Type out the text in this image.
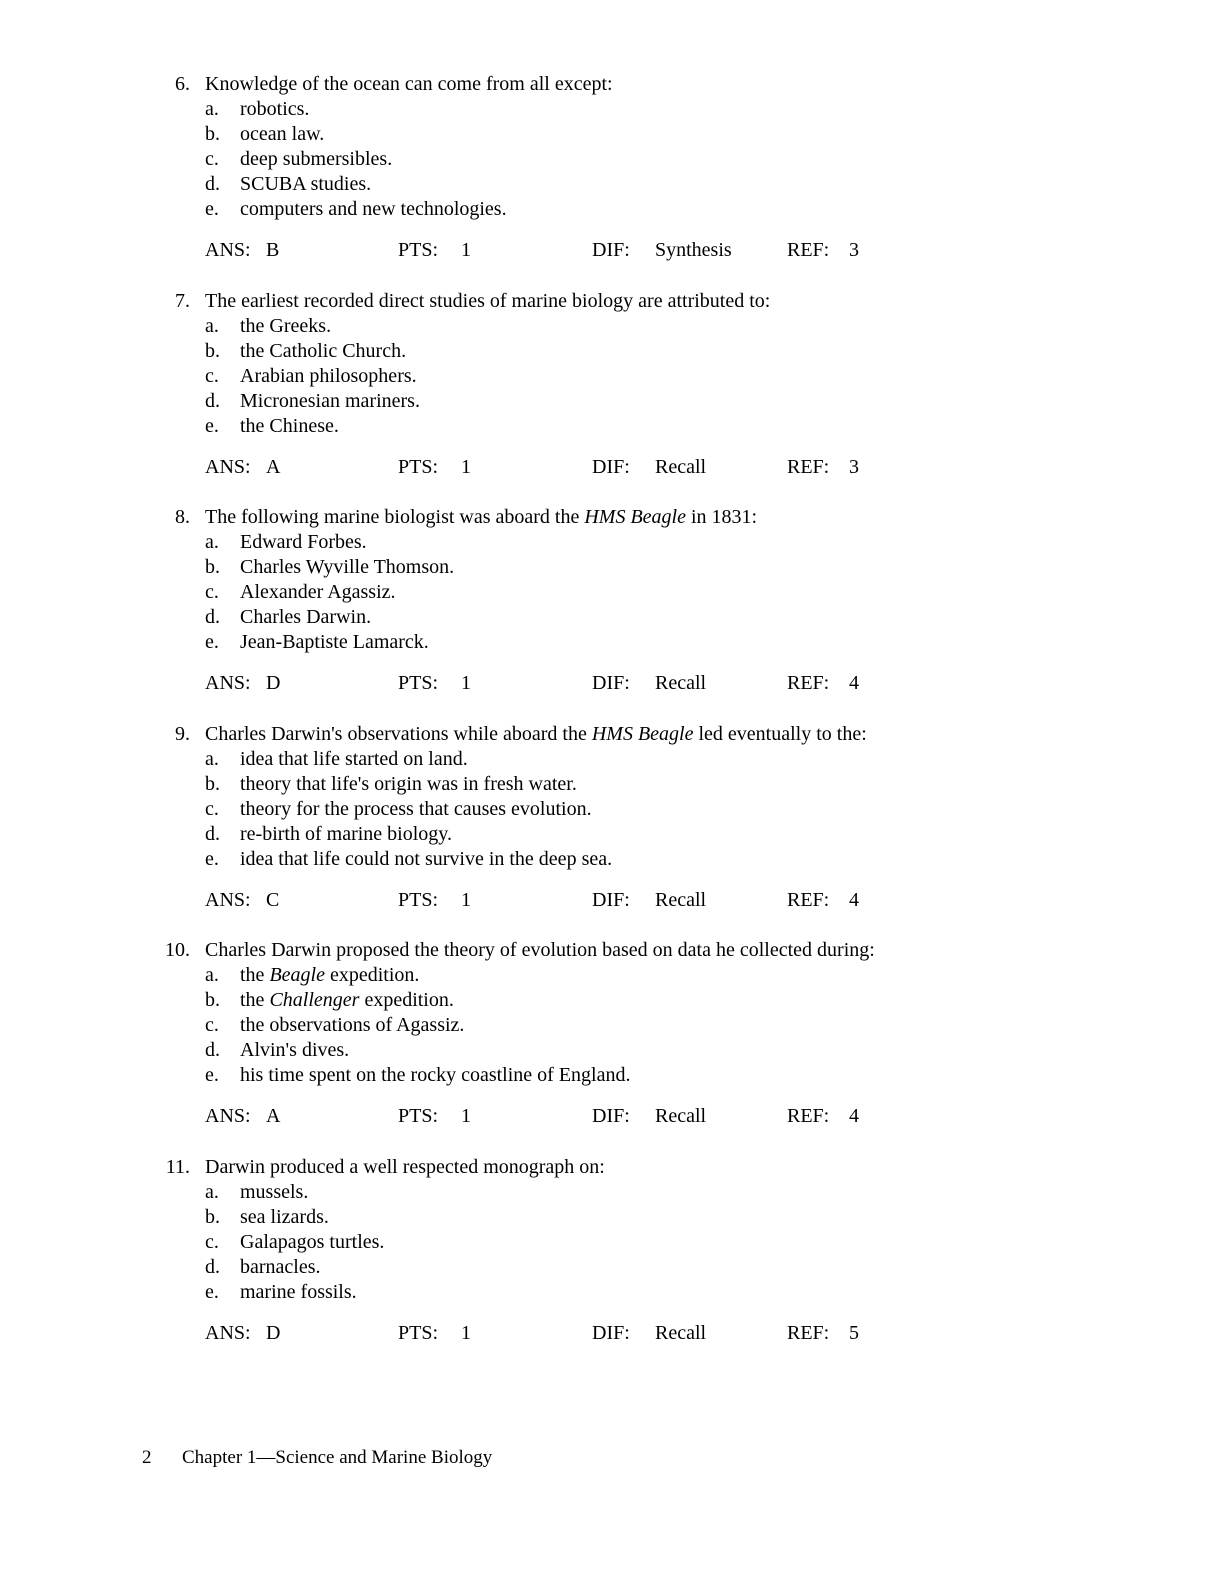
6. Knowledge of the ocean can come from all except:
a. robotics.
b. ocean law.
c. deep submersibles.
d. SCUBA studies.
e. computers and new technologies.
ANS: B	PTS: 1	DIF: Synthesis	REF: 3
7. The earliest recorded direct studies of marine biology are attributed to:
a. the Greeks.
b. the Catholic Church.
c. Arabian philosophers.
d. Micronesian mariners.
e. the Chinese.
ANS: A	PTS: 1	DIF: Recall	REF: 3
8. The following marine biologist was aboard the HMS Beagle in 1831:
a. Edward Forbes.
b. Charles Wyville Thomson.
c. Alexander Agassiz.
d. Charles Darwin.
e. Jean-Baptiste Lamarck.
ANS: D	PTS: 1	DIF: Recall	REF: 4
9. Charles Darwin's observations while aboard the HMS Beagle led eventually to the:
a. idea that life started on land.
b. theory that life's origin was in fresh water.
c. theory for the process that causes evolution.
d. re-birth of marine biology.
e. idea that life could not survive in the deep sea.
ANS: C	PTS: 1	DIF: Recall	REF: 4
10. Charles Darwin proposed the theory of evolution based on data he collected during:
a. the Beagle expedition.
b. the Challenger expedition.
c. the observations of Agassiz.
d. Alvin's dives.
e. his time spent on the rocky coastline of England.
ANS: A	PTS: 1	DIF: Recall	REF: 4
11. Darwin produced a well respected monograph on:
a. mussels.
b. sea lizards.
c. Galapagos turtles.
d. barnacles.
e. marine fossils.
ANS: D	PTS: 1	DIF: Recall	REF: 5
2 Chapter 1—Science and Marine Biology
